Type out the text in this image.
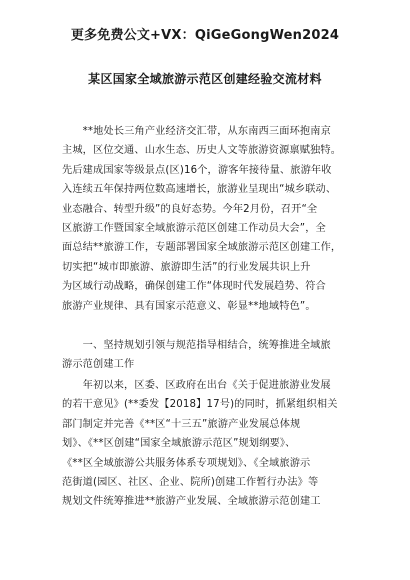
更多免费公文+VX：QiGeGongWen2024
某区国家全域旅游示范区创建经验交流材料
　　**地处长三角产业经济交汇带，从东南西三面环抱南京
主城，区位交通、山水生态、历史人文等旅游资源禀赋独特。
先后建成国家等级景点(区)16个，游客年接待量、旅游年收
入连续五年保持两位数高速增长，旅游业呈现出“城乡联动、
业态融合、转型升级”的良好态势。今年2月份，召开“全
区旅游工作暨国家全域旅游示范区创建工作动员大会”，全
面总结**旅游工作，专题部署国家全域旅游示范区创建工作，
切实把“城市即旅游、旅游即生活”的行业发展共识上升
为区域行动战略，确保创建工作“体现时代发展趋势、符合
旅游产业规律、具有国家示范意义、彰显**地域特色”。
　　一、坚持规划引领与规范指导相结合，统筹推进全域旅
游示范创建工作
　　年初以来，区委、区政府在出台《关于促进旅游业发展
的若干意见》(**委发【2018】17号)的同时，抓紧组织相关
部门制定并完善《**区“十三五”旅游产业发展总体规
划》、《**区创建“国家全域旅游示范区”规划纲要》、
《**区全域旅游公共服务体系专项规划》、《全域旅游示
范街道(园区、社区、企业、院所)创建工作暂行办法》等
规划文件统筹推进**旅游产业发展、全域旅游示范创建工
